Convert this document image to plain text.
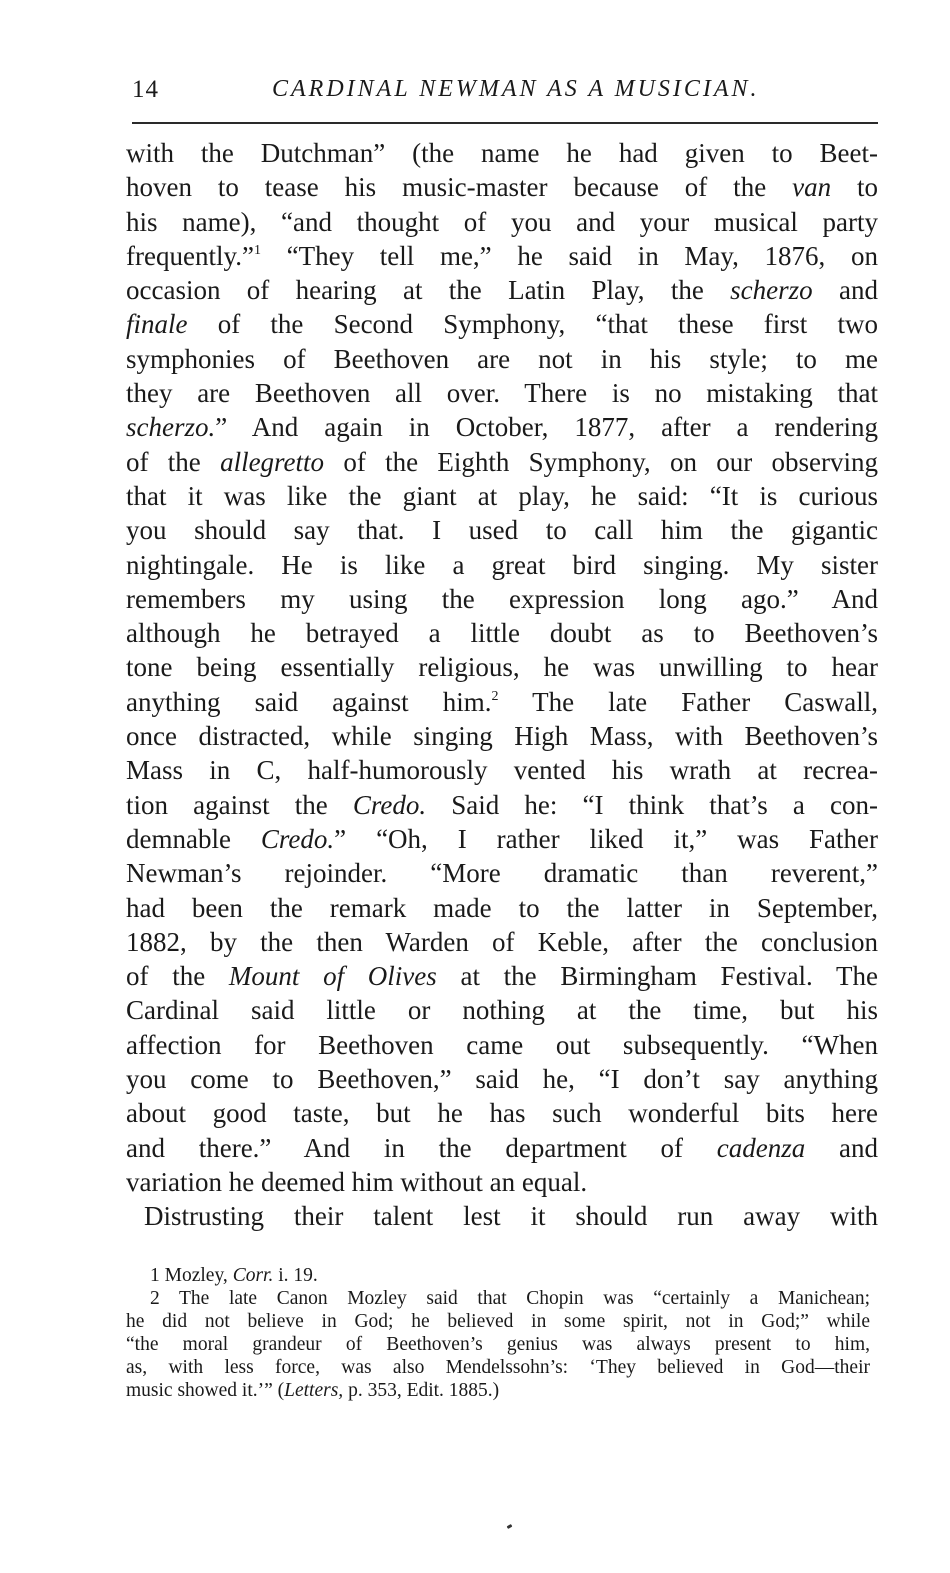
14	CARDINAL NEWMAN AS A MUSICIAN.
with the Dutchman” (the name he had given to Beet-
hoven to tease his music-master because of the van to
his name), “and thought of you and your musical party
frequently.”$^1$ “They tell me,” he said in May, 1876, on
occasion of hearing at the Latin Play, the scherzo and
finale of the Second Symphony, “that these first two
symphonies of Beethoven are not in his style; to me
they are Beethoven all over. There is no mistaking that
scherzo.” And again in October, 1877, after a rendering
of the allegretto of the Eighth Symphony, on our observing
that it was like the giant at play, he said: “It is curious
you should say that. I used to call him the gigantic
nightingale. He is like a great bird singing. My sister
remembers my using the expression long ago.” And
although he betrayed a little doubt as to Beethoven’s
tone being essentially religious, he was unwilling to hear
anything said against him.$^2$ The late Father Caswall,
once distracted, while singing High Mass, with Beethoven’s
Mass in C, half-humorously vented his wrath at recrea-
tion against the Credo. Said he: “I think that’s a con-
demnable Credo.” “Oh, I rather liked it,” was Father
Newman’s rejoinder. “More dramatic than reverent,”
had been the remark made to the latter in September,
1882, by the then Warden of Keble, after the conclusion
of the Mount of Olives at the Birmingham Festival. The
Cardinal said little or nothing at the time, but his
affection for Beethoven came out subsequently. “When
you come to Beethoven,” said he, “I don’t say anything
about good taste, but he has such wonderful bits here
and there.” And in the department of cadenza and
variation he deemed him without an equal.
Distrusting their talent lest it should run away with
1 Mozley, Corr. i. 19.
2 The late Canon Mozley said that Chopin was “certainly a Manichean;
he did not believe in God; he believed in some spirit, not in God;” while
“the moral grandeur of Beethoven’s genius was always present to him,
as, with less force, was also Mendelssohn’s: ‘They believed in God—their
music showed it.’” (Letters, p. 353, Edit. 1885.)
